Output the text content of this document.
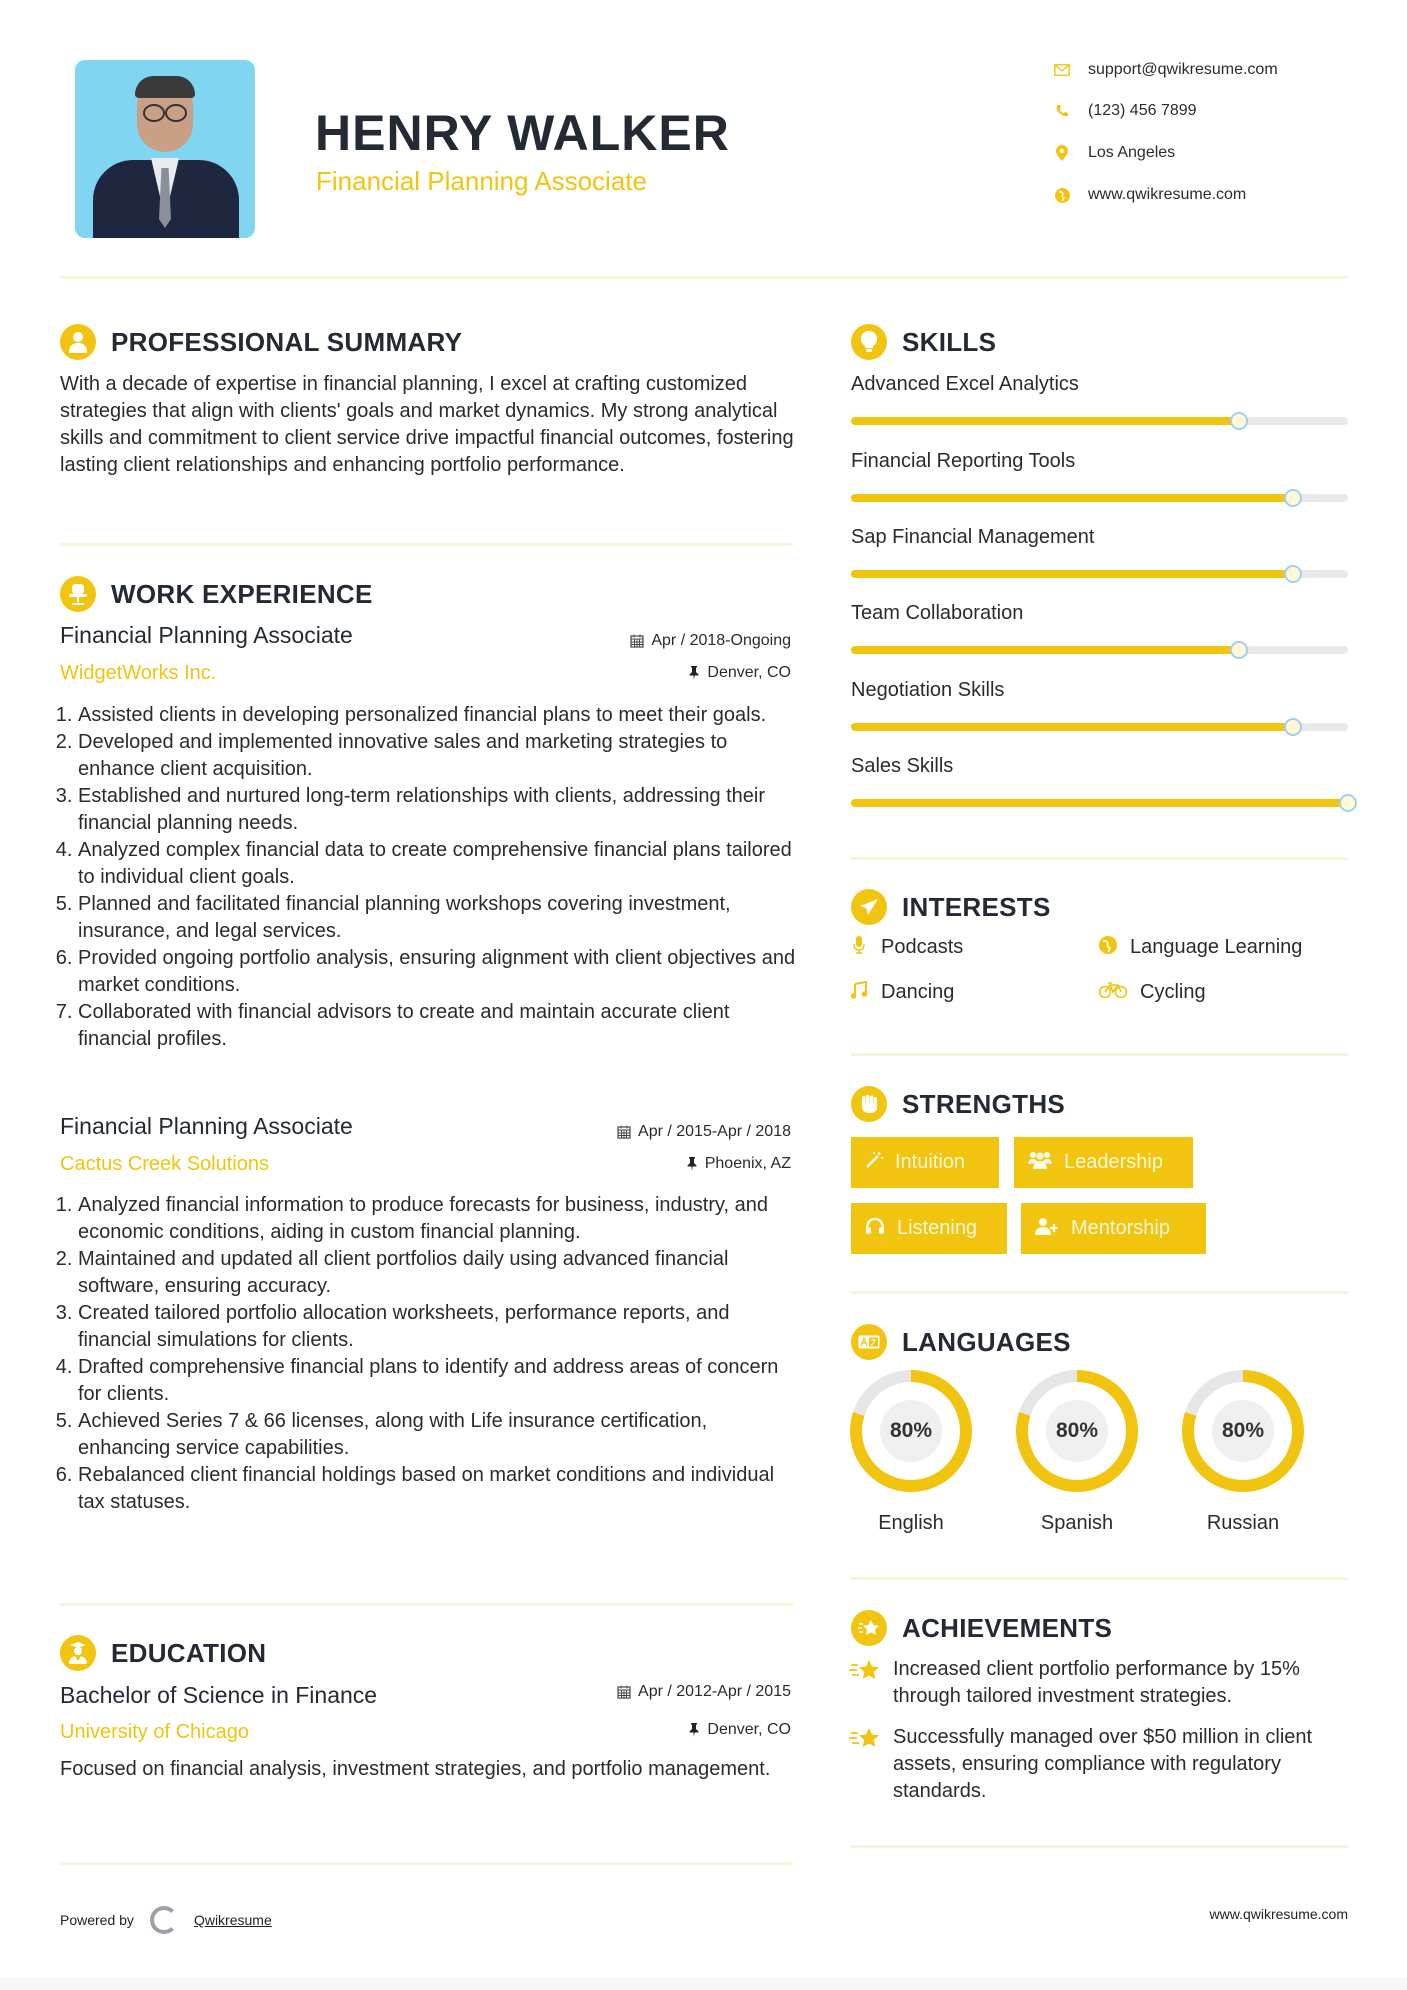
HENRY WALKER
Financial Planning Associate
support@qwikresume.com
(123) 456 7899
Los Angeles
www.qwikresume.com
PROFESSIONAL SUMMARY
With a decade of expertise in financial planning, I excel at crafting customized strategies that align with clients' goals and market dynamics. My strong analytical skills and commitment to client service drive impactful financial outcomes, fostering lasting client relationships and enhancing portfolio performance.
WORK EXPERIENCE
Financial Planning Associate	Apr / 2018-Ongoing
WidgetWorks Inc.	Denver, CO
1. Assisted clients in developing personalized financial plans to meet their goals.
2. Developed and implemented innovative sales and marketing strategies to enhance client acquisition.
3. Established and nurtured long-term relationships with clients, addressing their financial planning needs.
4. Analyzed complex financial data to create comprehensive financial plans tailored to individual client goals.
5. Planned and facilitated financial planning workshops covering investment, insurance, and legal services.
6. Provided ongoing portfolio analysis, ensuring alignment with client objectives and market conditions.
7. Collaborated with financial advisors to create and maintain accurate client financial profiles.
Financial Planning Associate	Apr / 2015-Apr / 2018
Cactus Creek Solutions	Phoenix, AZ
1. Analyzed financial information to produce forecasts for business, industry, and economic conditions, aiding in custom financial planning.
2. Maintained and updated all client portfolios daily using advanced financial software, ensuring accuracy.
3. Created tailored portfolio allocation worksheets, performance reports, and financial simulations for clients.
4. Drafted comprehensive financial plans to identify and address areas of concern for clients.
5. Achieved Series 7 & 66 licenses, along with Life insurance certification, enhancing service capabilities.
6. Rebalanced client financial holdings based on market conditions and individual tax statuses.
EDUCATION
Bachelor of Science in Finance	Apr / 2012-Apr / 2015
University of Chicago	Denver, CO
Focused on financial analysis, investment strategies, and portfolio management.
SKILLS
Advanced Excel Analytics
Financial Reporting Tools
Sap Financial Management
Team Collaboration
Negotiation Skills
Sales Skills
INTERESTS
Podcasts	Language Learning
Dancing	Cycling
STRENGTHS
Intuition	Leadership
Listening	Mentorship
LANGUAGES
80%
English
80%
Spanish
80%
Russian
ACHIEVEMENTS
Increased client portfolio performance by 15% through tailored investment strategies.
Successfully managed over $50 million in client assets, ensuring compliance with regulatory standards.
Powered by	Qwikresume	www.qwikresume.com
